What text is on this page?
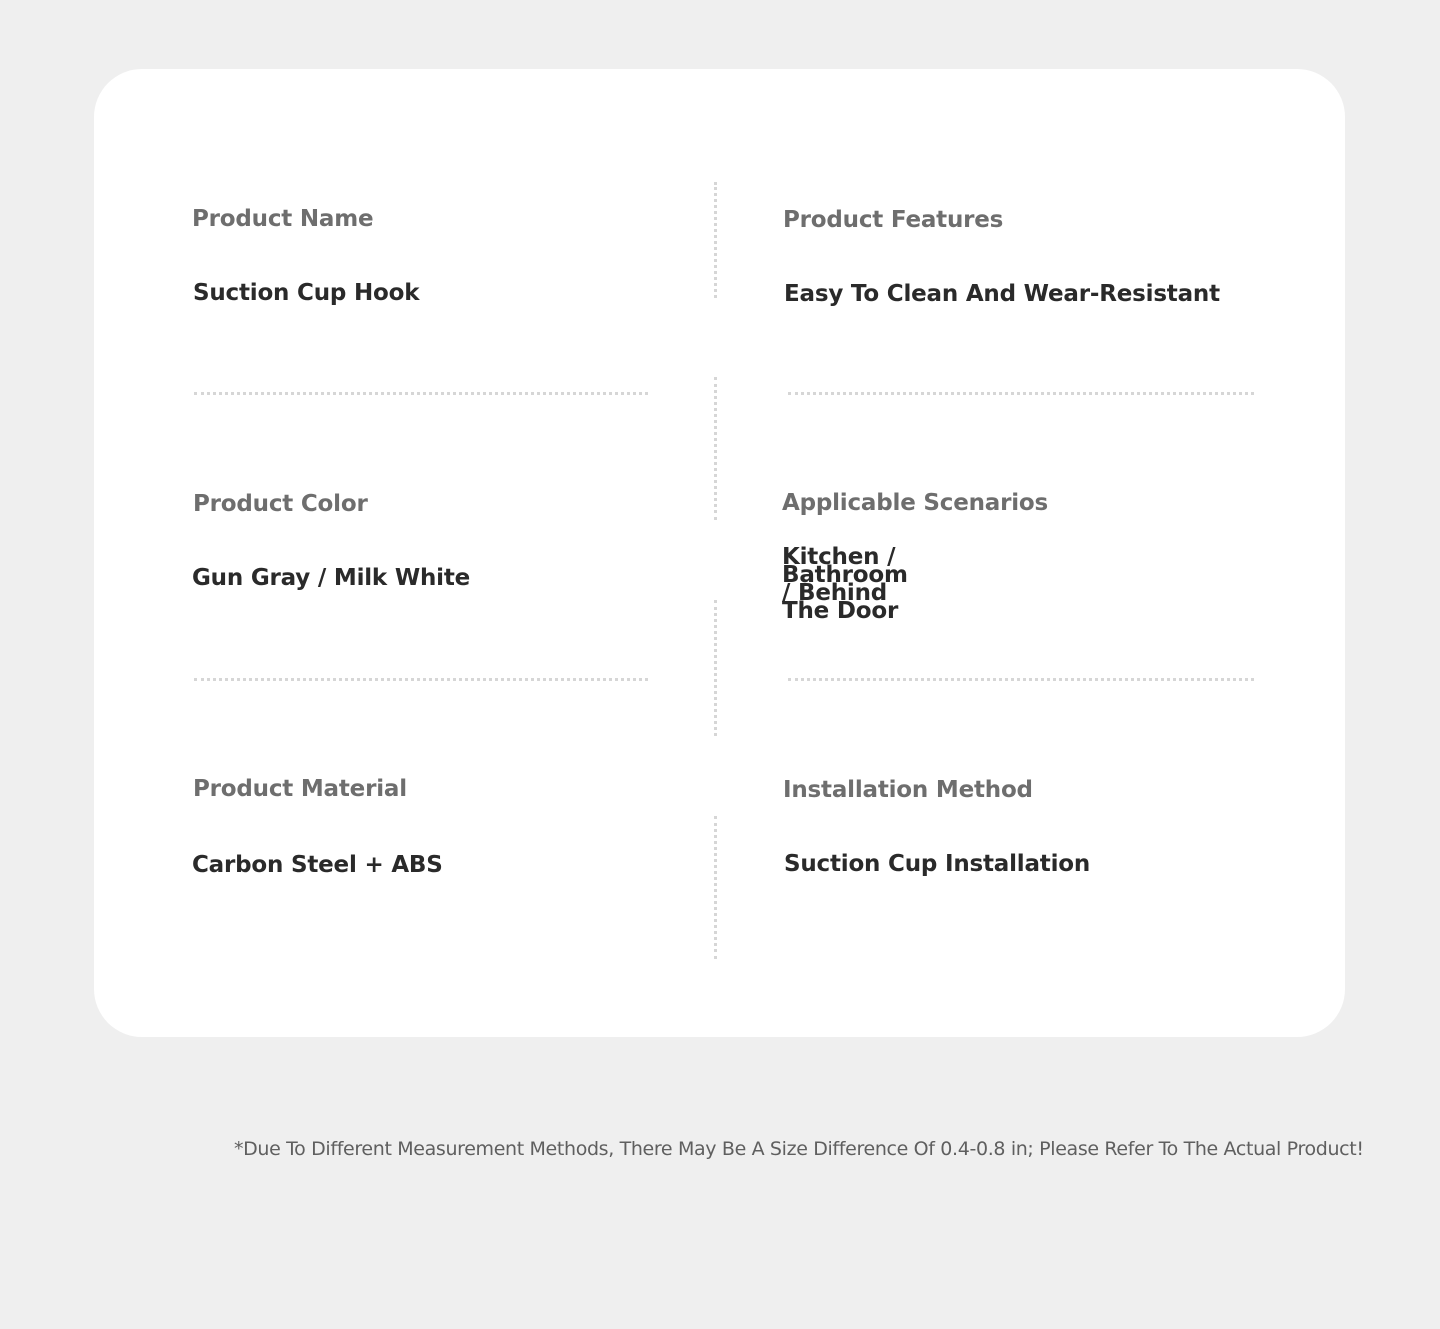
Product Name
Suction Cup Hook
Product Features
Easy To Clean And Wear-Resistant
Product Color
Gun Gray / Milk White
Applicable Scenarios
Kitchen / Bathroom
/ Behind The Door
Product Material
Carbon Steel + ABS
Installation Method
Suction Cup Installation
*Due To Different Measurement Methods, There May Be A Size Difference Of 0.4-0.8 in; Please Refer To The Actual Product!
